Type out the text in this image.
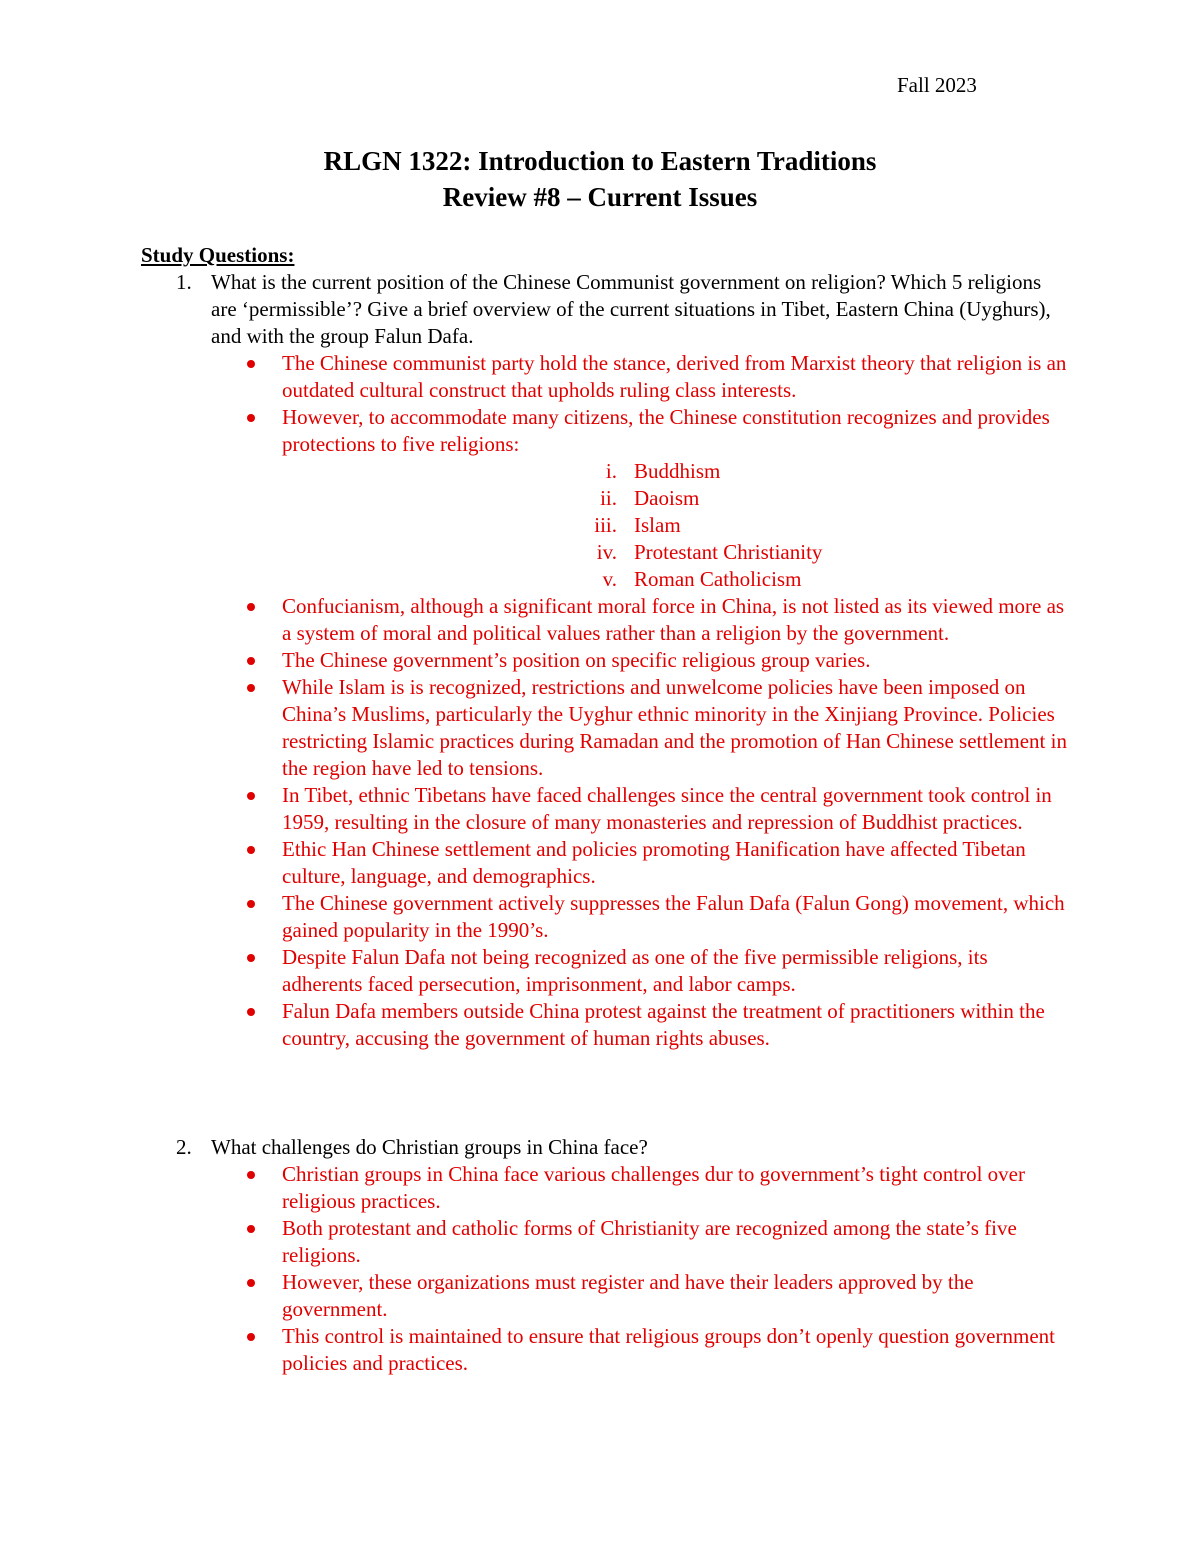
Fall 2023
RLGN 1322: Introduction to Eastern Traditions
Review #8 – Current Issues
Study Questions:
1. What is the current position of the Chinese Communist government on religion? Which 5 religions are ‘permissible’? Give a brief overview of the current situations in Tibet, Eastern China (Uyghurs), and with the group Falun Dafa.
The Chinese communist party hold the stance, derived from Marxist theory that religion is an outdated cultural construct that upholds ruling class interests.
However, to accommodate many citizens, the Chinese constitution recognizes and provides protections to five religions:
i. Buddhism
ii. Daoism
iii. Islam
iv. Protestant Christianity
v. Roman Catholicism
Confucianism, although a significant moral force in China, is not listed as its viewed more as a system of moral and political values rather than a religion by the government.
The Chinese government’s position on specific religious group varies.
While Islam is is recognized, restrictions and unwelcome policies have been imposed on China’s Muslims, particularly the Uyghur ethnic minority in the Xinjiang Province. Policies restricting Islamic practices during Ramadan and the promotion of Han Chinese settlement in the region have led to tensions.
In Tibet, ethnic Tibetans have faced challenges since the central government took control in 1959, resulting in the closure of many monasteries and repression of Buddhist practices.
Ethic Han Chinese settlement and policies promoting Hanification have affected Tibetan culture, language, and demographics.
The Chinese government actively suppresses the Falun Dafa (Falun Gong) movement, which gained popularity in the 1990’s.
Despite Falun Dafa not being recognized as one of the five permissible religions, its adherents faced persecution, imprisonment, and labor camps.
Falun Dafa members outside China protest against the treatment of practitioners within the country, accusing the government of human rights abuses.
2. What challenges do Christian groups in China face?
Christian groups in China face various challenges dur to government’s tight control over religious practices.
Both protestant and catholic forms of Christianity are recognized among the state’s five religions.
However, these organizations must register and have their leaders approved by the government.
This control is maintained to ensure that religious groups don’t openly question government policies and practices.
